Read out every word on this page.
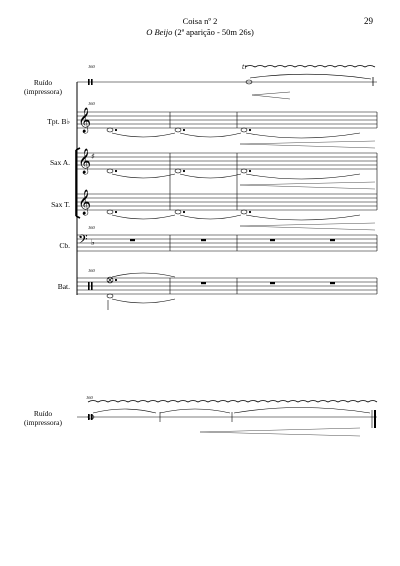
Coisa nº 2
O Beijo (2ª aparição - 50m 26s)
29
Ruído
(impressora)
Tpt. B♭
Sax A.
Sax T.
Cb.
Bat.
160
160
160
160
Ruído
(impressora)
160
tr
𝄞
𝄞 ♯
𝄞
𝄢 ♭
